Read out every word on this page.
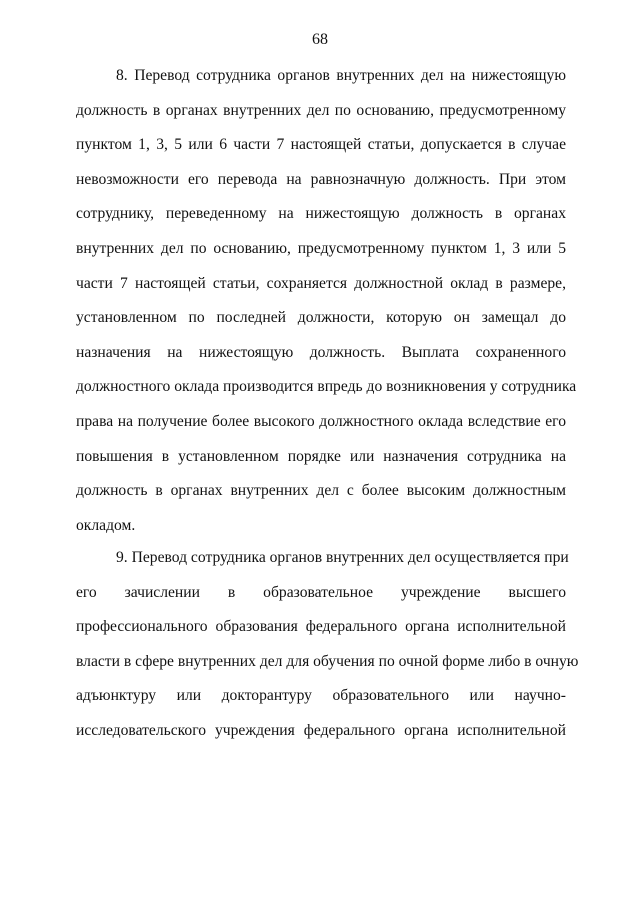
68
8. Перевод сотрудника органов внутренних дел на нижестоящую
должность в органах внутренних дел по основанию, предусмотренному
пунктом 1, 3, 5 или 6 части 7 настоящей статьи, допускается в случае
невозможности его перевода на равнозначную должность. При этом
сотруднику, переведенному на нижестоящую должность в органах
внутренних дел по основанию, предусмотренному пунктом 1, 3 или 5
части 7 настоящей статьи, сохраняется должностной оклад в размере,
установленном по последней должности, которую он замещал до
назначения на нижестоящую должность. Выплата сохраненного
должностного оклада производится впредь до возникновения у сотрудника
права на получение более высокого должностного оклада вследствие его
повышения в установленном порядке или назначения сотрудника на
должность в органах внутренних дел с более высоким должностным
окладом.
9. Перевод сотрудника органов внутренних дел осуществляется при
его зачислении в образовательное учреждение высшего
профессионального образования федерального органа исполнительной
власти в сфере внутренних дел для обучения по очной форме либо в очную
адъюнктуру или докторантуру образовательного или научно-
исследовательского учреждения федерального органа исполнительной
